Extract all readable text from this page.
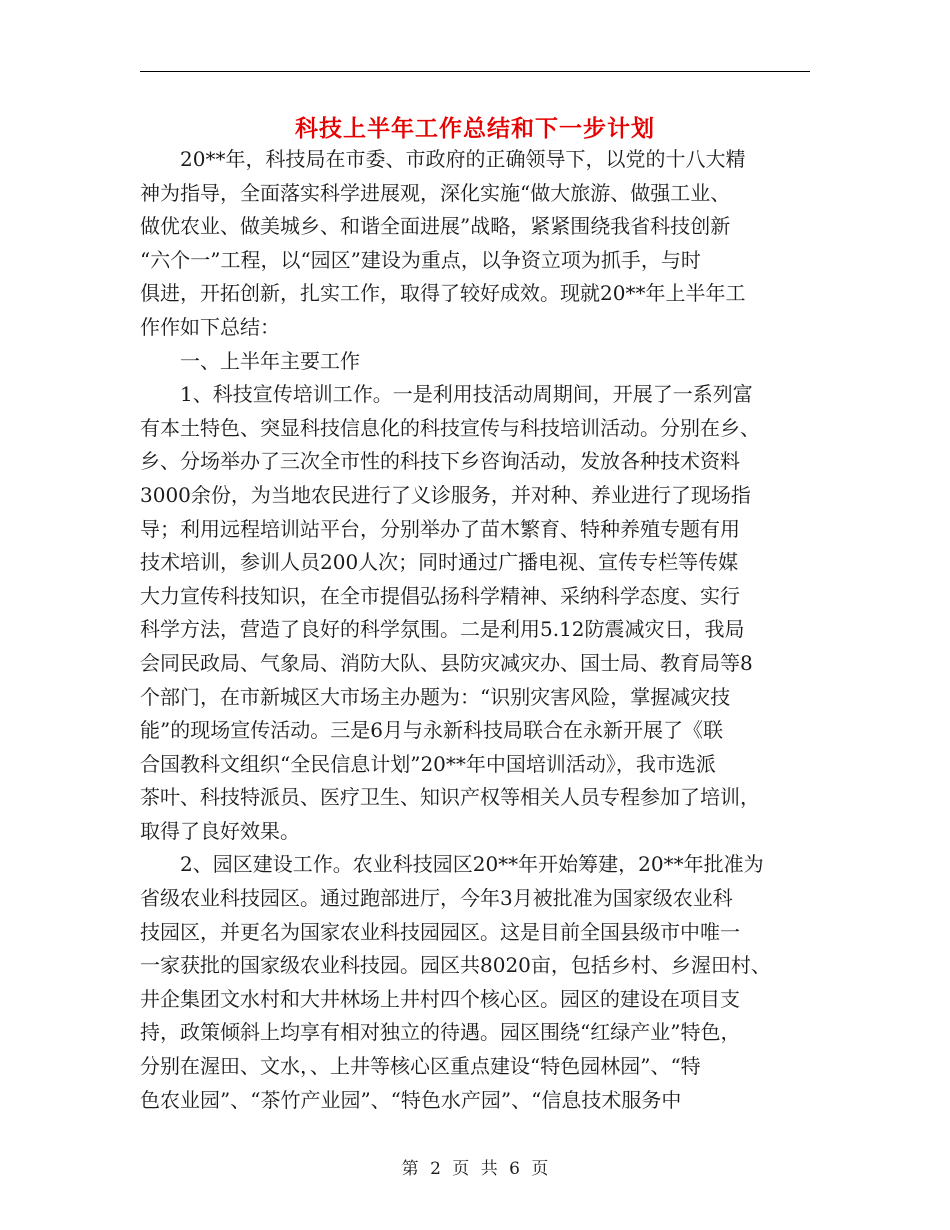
科技上半年工作总结和下一步计划

20**年，科技局在市委、市政府的正确领导下，以党的十八大精
神为指导，全面落实科学进展观，深化实施“做大旅游、做强工业、
做优农业、做美城乡、和谐全面进展”战略，紧紧围绕我省科技创新
“六个一”工程，以“园区”建设为重点，以争资立项为抓手，与时
俱进，开拓创新，扎实工作，取得了较好成效。现就20**年上半年工
作作如下总结：

一、上半年主要工作

1、科技宣传培训工作。一是利用技活动周期间，开展了一系列富
有本土特色、突显科技信息化的科技宣传与科技培训活动。分别在乡、
乡、分场举办了三次全市性的科技下乡咨询活动，发放各种技术资料
3000余份，为当地农民进行了义诊服务，并对种、养业进行了现场指
导；利用远程培训站平台，分别举办了苗木繁育、特种养殖专题有用
技术培训，参训人员200人次；同时通过广播电视、宣传专栏等传媒
大力宣传科技知识，在全市提倡弘扬科学精神、采纳科学态度、实行
科学方法，营造了良好的科学氛围。二是利用5.12防震减灾日，我局
会同民政局、气象局、消防大队、县防灾减灾办、国士局、教育局等8
个部门，在市新城区大市场主办题为：“识别灾害风险，掌握减灾技
能”的现场宣传活动。三是6月与永新科技局联合在永新开展了《联
合国教科文组织“全民信息计划”20**年中国培训活动》，我市选派
茶叶、科技特派员、医疗卫生、知识产权等相关人员专程参加了培训，
取得了良好效果。

2、园区建设工作。农业科技园区20**年开始筹建，20**年批准为
省级农业科技园区。通过跑部进厅，今年3月被批准为国家级农业科
技园区，并更名为国家农业科技园园区。这是目前全国县级市中唯一
一家获批的国家级农业科技园。园区共8020亩，包括乡村、乡渥田村、
井企集团文水村和大井林场上井村四个核心区。园区的建设在项目支
持，政策倾斜上均享有相对独立的待遇。园区围绕“红绿产业”特色，
分别在渥田、文水，、上井等核心区重点建设“特色园林园”、“特
色农业园”、“茶竹产业园”、“特色水产园”、“信息技术服务中

第 2 页 共 6 页
